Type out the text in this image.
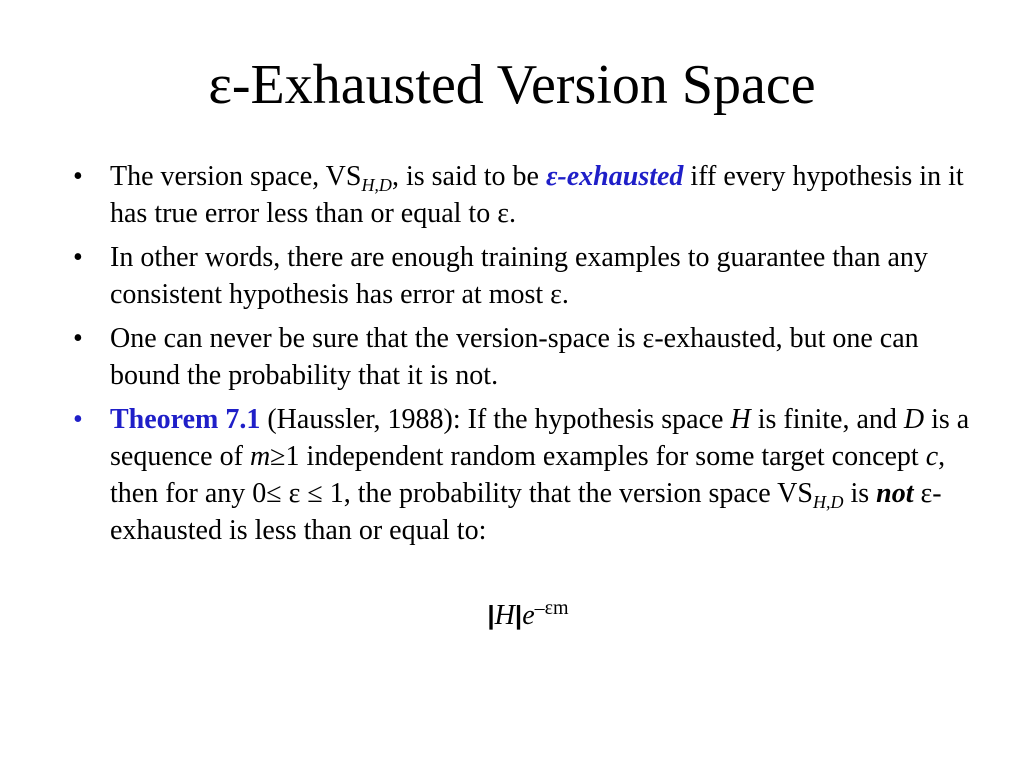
ε-Exhausted Version Space
• The version space, $VS_{H,D}$, is said to be ε-exhausted iff every hypothesis in it has true error less than or equal to ε.
• In other words, there are enough training examples to guarantee than any consistent hypothesis has error at most ε.
• One can never be sure that the version-space is ε-exhausted, but one can bound the probability that it is not.
• Theorem 7.1 (Haussler, 1988): If the hypothesis space H is finite, and D is a sequence of m≥1 independent random examples for some target concept c, then for any 0≤ ε ≤ 1, the probability that the version space $VS_{H,D}$ is not ε-exhausted is less than or equal to:
$|H|e^{-\varepsilon m}$
